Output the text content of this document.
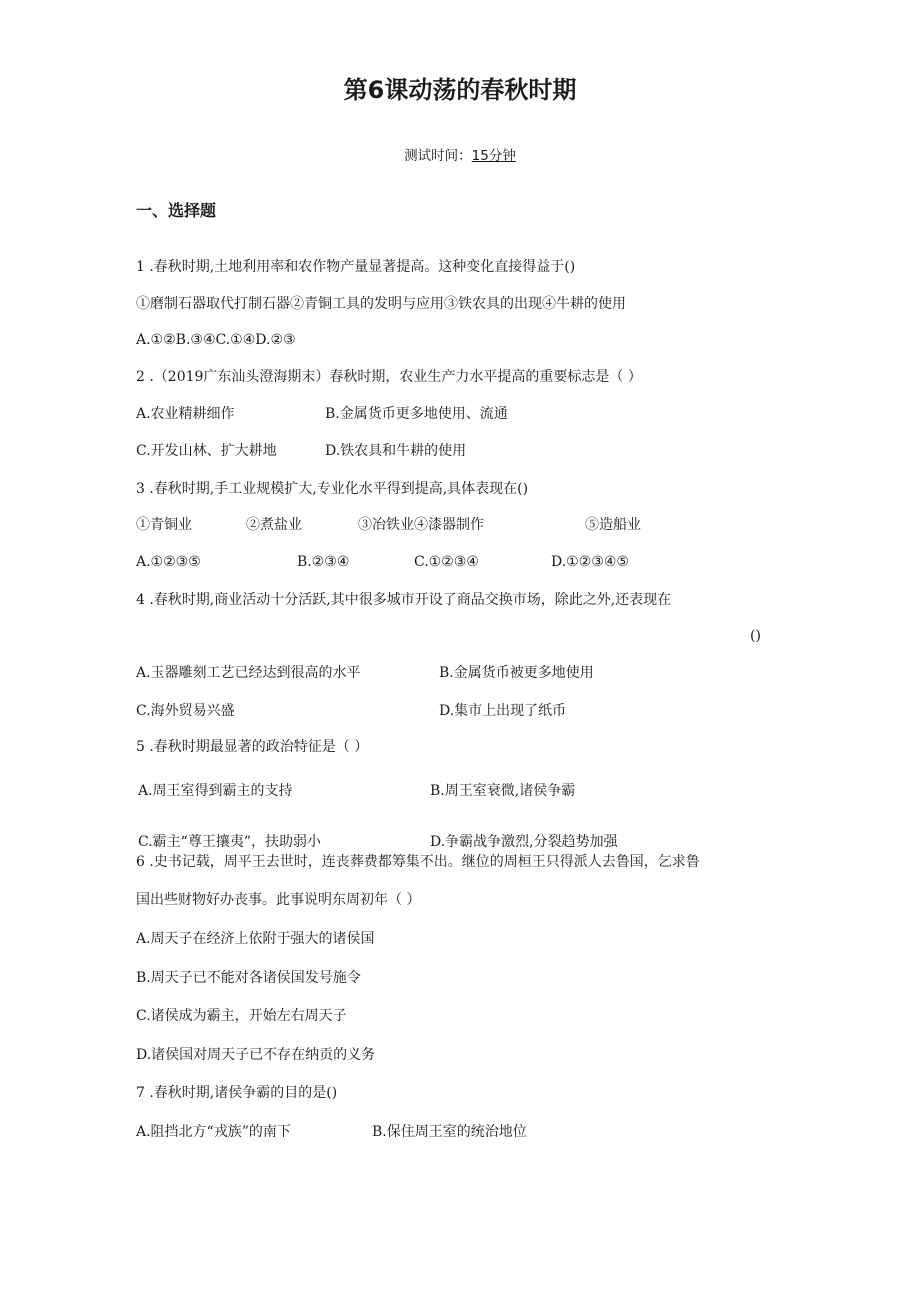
第6课动荡的春秋时期
测试时间：15分钟
一、选择题
1 .春秋时期,土地利用率和农作物产量显著提高。这种变化直接得益于()
①磨制石器取代打制石器②青铜工具的发明与应用③铁农具的出现④牛耕的使用
A.①②B.③④C.①④D.②③
2 .（2019广东汕头澄海期末）春秋时期，农业生产力水平提高的重要标志是（ ）
A.农业精耕细作	B.金属货币更多地使用、流通
C.开发山林、扩大耕地	D.铁农具和牛耕的使用
3 .春秋时期,手工业规模扩大,专业化水平得到提高,具体表现在()
①青铜业	②煮盐业	③冶铁业④漆器制作	⑤造船业
A.①②③⑤	B.②③④	C.①②③④	D.①②③④⑤
4 .春秋时期,商业活动十分活跃,其中很多城市开设了商品交换市场，除此之外,还表现在
()
A.玉器雕刻工艺已经达到很高的水平	B.金属货币被更多地使用
C.海外贸易兴盛	D.集市上出现了纸币
5 .春秋时期最显著的政治特征是（ ）
A.周王室得到霸主的支持	B.周王室衰微,诸侯争霸
C.霸主“尊王攘夷”，扶助弱小	D.争霸战争激烈,分裂趋势加强
6 .史书记载，周平王去世时，连丧葬费都筹集不出。继位的周桓王只得派人去鲁国，乞求鲁
国出些财物好办丧事。此事说明东周初年（ ）
A.周天子在经济上依附于强大的诸侯国
B.周天子已不能对各诸侯国发号施令
C.诸侯成为霸主，开始左右周天子
D.诸侯国对周天子已不存在纳贡的义务
7 .春秋时期,诸侯争霸的目的是()
A.阻挡北方“戎族”的南下	B.保住周王室的统治地位
